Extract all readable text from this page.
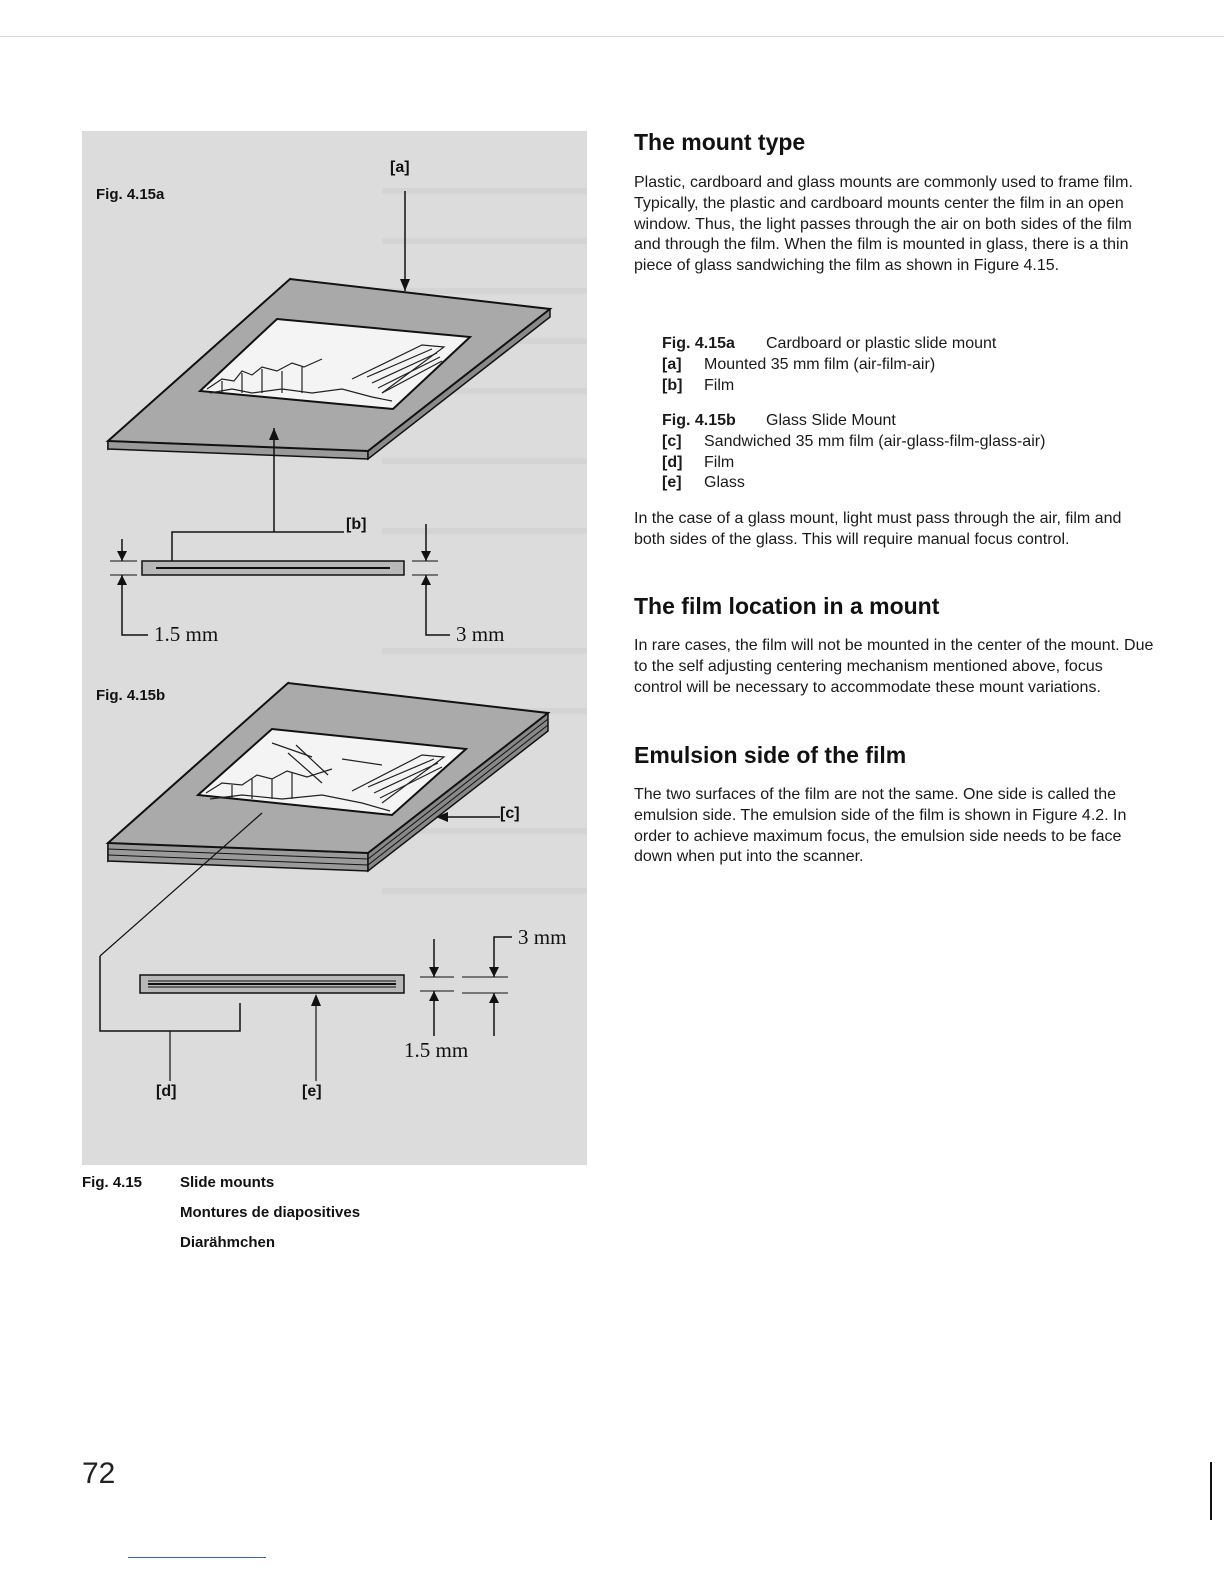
Fig. 4.15a
[a]
[b]
1.5 mm	3 mm
Fig. 4.15b
[c]
3 mm
1.5 mm
[d]	[e]
Fig. 4.15	Slide mounts
Montures de diapositives
Diarähmchen
72
The mount type

Plastic, cardboard and glass mounts are commonly used to frame film. Typically, the plastic and cardboard mounts center the film in an open window. Thus, the light passes through the air on both sides of the film and through the film. When the film is mounted in glass, there is a thin piece of glass sandwiching the film as shown in Figure 4.15.

Fig. 4.15a Cardboard or plastic slide mount
[a] Mounted 35 mm film (air-film-air)
[b] Film
Fig. 4.15b Glass Slide Mount
[c] Sandwiched 35 mm film (air-glass-film-glass-air)
[d] Film
[e] Glass

In the case of a glass mount, light must pass through the air, film and both sides of the glass. This will require manual focus control.

The film location in a mount

In rare cases, the film will not be mounted in the center of the mount. Due to the self adjusting centering mechanism mentioned above, focus control will be necessary to accommodate these mount variations.

Emulsion side of the film

The two surfaces of the film are not the same. One side is called the emulsion side. The emulsion side of the film is shown in Figure 4.2. In order to achieve maximum focus, the emulsion side needs to be face down when put into the scanner.
